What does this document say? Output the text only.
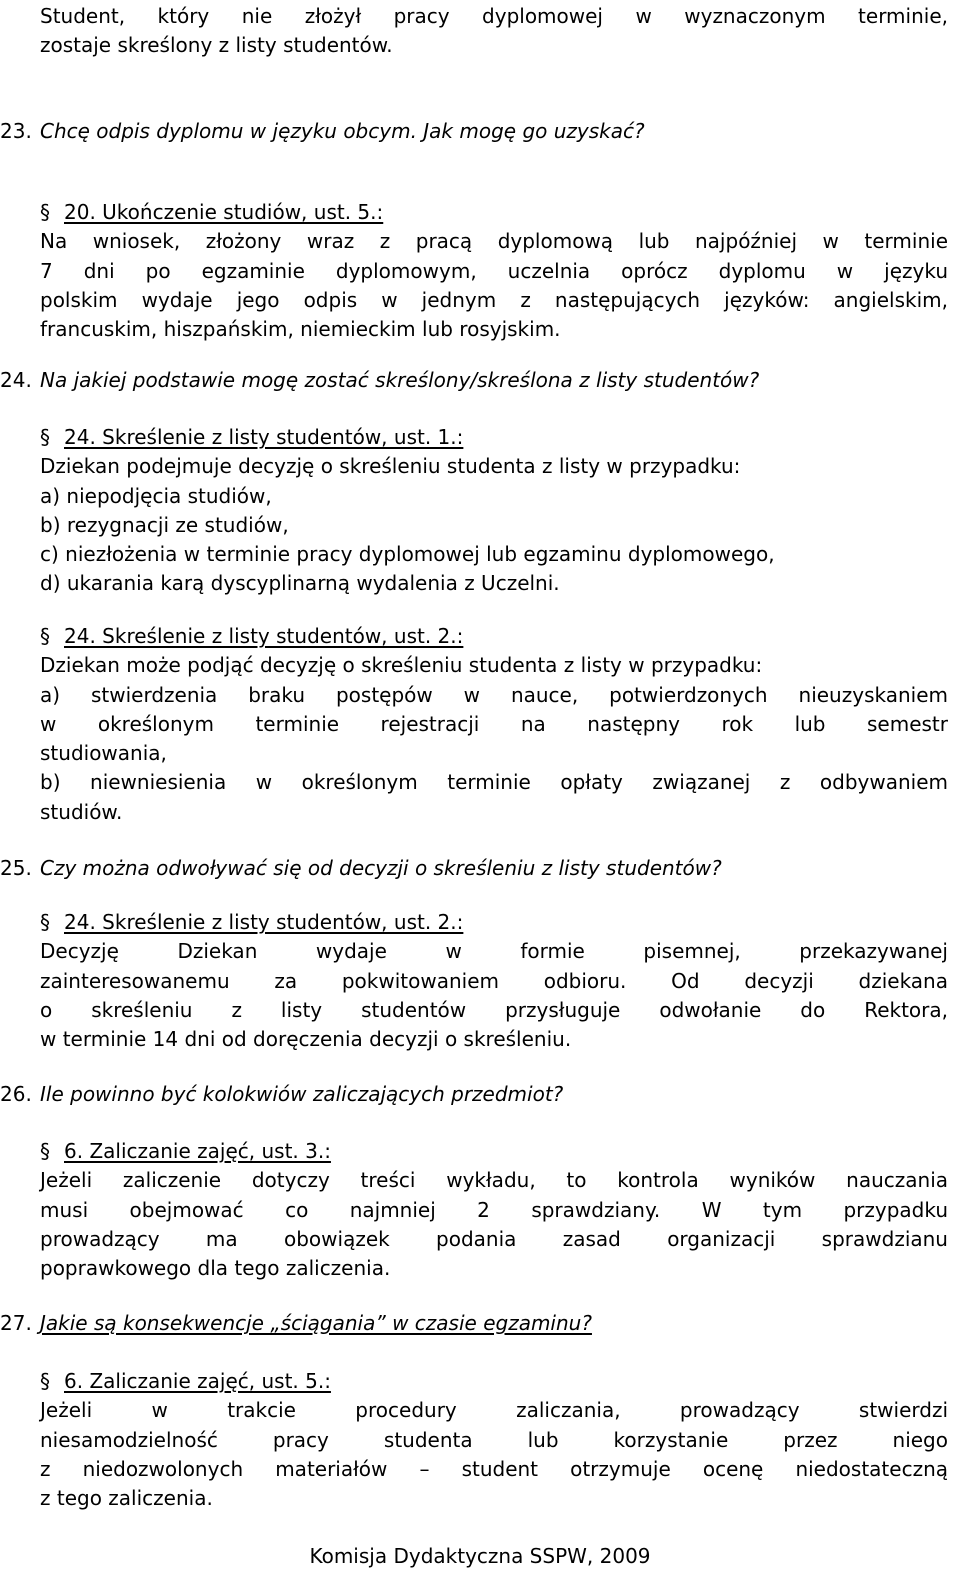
Student, który nie złożył pracy dyplomowej w wyznaczonym terminie,

zostaje skreślony z listy studentów.

23. Chcę odpis dyplomu w języku obcym. Jak mogę go uzyskać?
§ 20. Ukończenie studiów, ust. 5.:

Na wniosek, złożony wraz z pracą dyplomową lub najpóźniej w terminie

7 dni po egzaminie dyplomowym, uczelnia oprócz dyplomu w języku

polskim wydaje jego odpis w jednym z następujących języków: angielskim,

francuskim, hiszpańskim, niemieckim lub rosyjskim.

24. Na jakiej podstawie mogę zostać skreślony/skreślona z listy studentów?
§ 24. Skreślenie z listy studentów, ust. 1.:

Dziekan podejmuje decyzję o skreśleniu studenta z listy w przypadku:

a) niepodjęcia studiów,

b) rezygnacji ze studiów,

c) niezłożenia w terminie pracy dyplomowej lub egzaminu dyplomowego,

d) ukarania karą dyscyplinarną wydalenia z Uczelni.

§ 24. Skreślenie z listy studentów, ust. 2.:

Dziekan może podjąć decyzję o skreśleniu studenta z listy w przypadku:

a) stwierdzenia braku postępów w nauce, potwierdzonych nieuzyskaniem

w określonym terminie rejestracji na następny rok lub semestr

studiowania,

b) niewniesienia w określonym terminie opłaty związanej z odbywaniem

studiów.

25. Czy można odwoływać się od decyzji o skreśleniu z listy studentów?
§ 24. Skreślenie z listy studentów, ust. 2.:

Decyzję Dziekan wydaje w formie pisemnej, przekazywanej

zainteresowanemu za pokwitowaniem odbioru. Od decyzji dziekana

o skreśleniu z listy studentów przysługuje odwołanie do Rektora,

w terminie 14 dni od doręczenia decyzji o skreśleniu.

26. Ile powinno być kolokwiów zaliczających przedmiot?
§ 6. Zaliczanie zajęć, ust. 3.:

Jeżeli zaliczenie dotyczy treści wykładu, to kontrola wyników nauczania

musi obejmować co najmniej 2 sprawdziany. W tym przypadku

prowadzący ma obowiązek podania zasad organizacji sprawdzianu

poprawkowego dla tego zaliczenia.

27. Jakie są konsekwencje „ściągania” w czasie egzaminu?
§ 6. Zaliczanie zajęć, ust. 5.:

Jeżeli w trakcie procedury zaliczania, prowadzący stwierdzi

niesamodzielność pracy studenta lub korzystanie przez niego

z niedozwolonych materiałów – student otrzymuje ocenę niedostateczną

z tego zaliczenia.

Komisja Dydaktyczna SSPW, 2009
